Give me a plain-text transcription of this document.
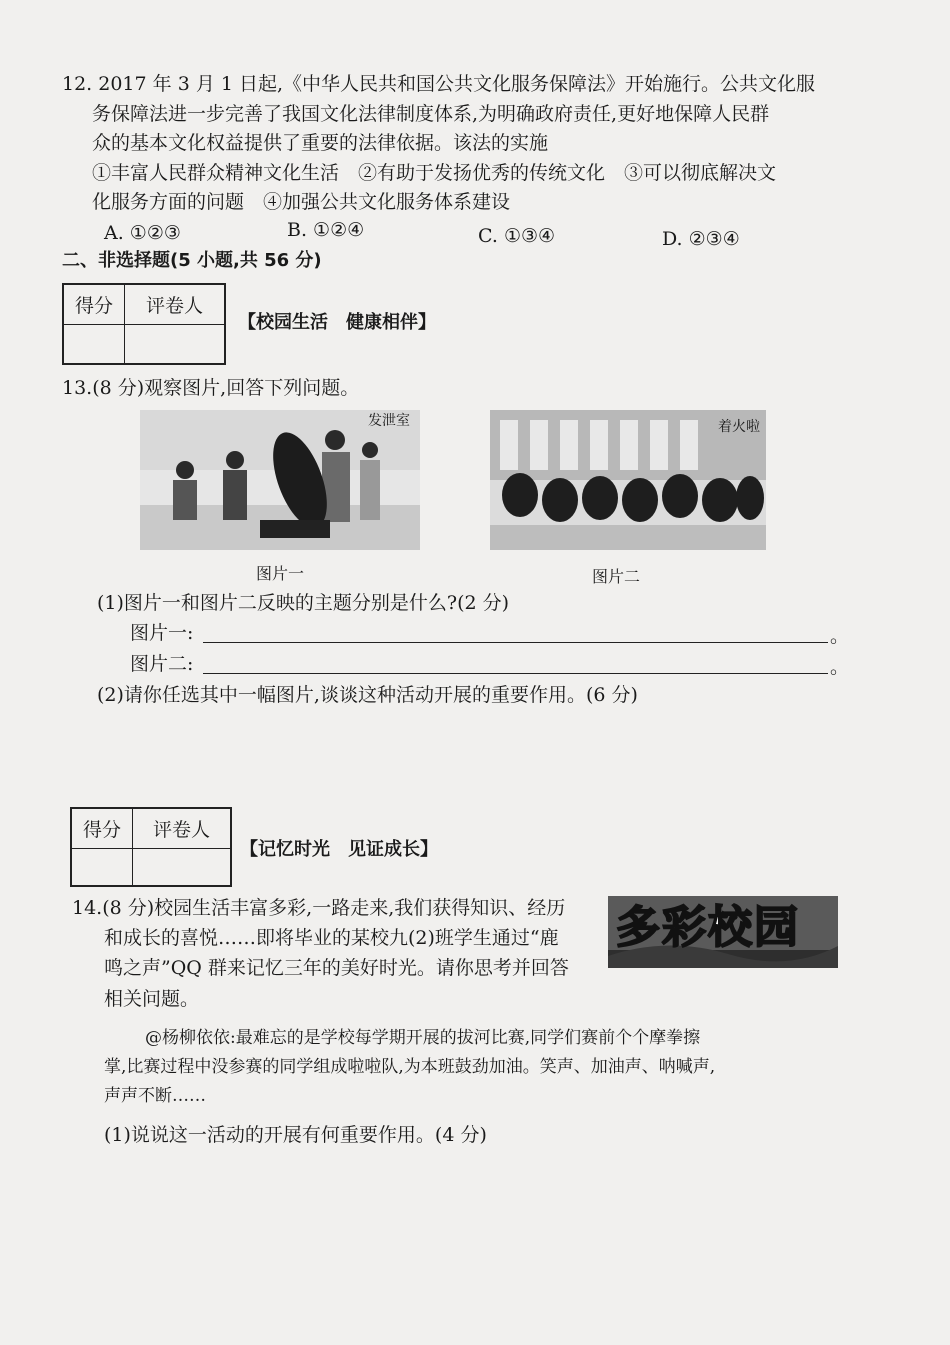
12. 2017 年 3 月 1 日起,《中华人民共和国公共文化服务保障法》开始施行。公共文化服
务保障法进一步完善了我国文化法律制度体系,为明确政府责任,更好地保障人民群
众的基本文化权益提供了重要的法律依据。该法的实施
①丰富人民群众精神文化生活　②有助于发扬优秀的传统文化　③可以彻底解决文
化服务方面的问题　④加强公共文化服务体系建设
A. ①②③	B. ①②④	C. ①③④	D. ②③④
二、非选择题(5 小题,共 56 分)
得分	评卷人

【校园生活　健康相伴】
13.(8 分)观察图片,回答下列问题。
发泄室	着火啦
图片一	图片二
(1)图片一和图片二反映的主题分别是什么?(2 分)
图片一:	。
图片二:	。
(2)请你任选其中一幅图片,谈谈这种活动开展的重要作用。(6 分)
得分	评卷人

【记忆时光　见证成长】
14.(8 分)校园生活丰富多彩,一路走来,我们获得知识、经历
和成长的喜悦……即将毕业的某校九(2)班学生通过“鹿
鸣之声”QQ 群来记忆三年的美好时光。请你思考并回答
相关问题。
多彩校园
@杨柳依依:最难忘的是学校每学期开展的拔河比赛,同学们赛前个个摩拳擦
掌,比赛过程中没参赛的同学组成啦啦队,为本班鼓劲加油。笑声、加油声、呐喊声,
声声不断……
(1)说说这一活动的开展有何重要作用。(4 分)
